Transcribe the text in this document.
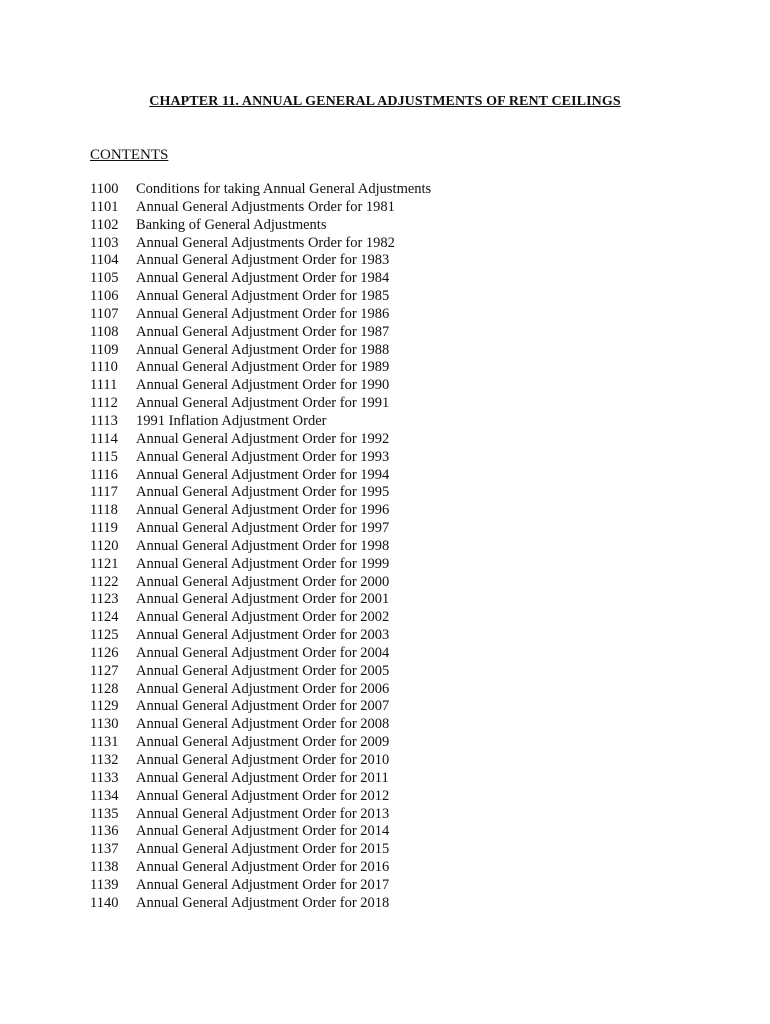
CHAPTER 11. ANNUAL GENERAL ADJUSTMENTS OF RENT CEILINGS
CONTENTS
1100	Conditions for taking Annual General Adjustments
1101	Annual General Adjustments Order for 1981
1102	Banking of General Adjustments
1103	Annual General Adjustments Order for 1982
1104	Annual General Adjustment Order for 1983
1105	Annual General Adjustment Order for 1984
1106	Annual General Adjustment Order for 1985
1107	Annual General Adjustment Order for 1986
1108	Annual General Adjustment Order for 1987
1109	Annual General Adjustment Order for 1988
1110	Annual General Adjustment Order for 1989
1111	Annual General Adjustment Order for 1990
1112	Annual General Adjustment Order for 1991
1113	1991 Inflation Adjustment Order
1114	Annual General Adjustment Order for 1992
1115	Annual General Adjustment Order for 1993
1116	Annual General Adjustment Order for 1994
1117	Annual General Adjustment Order for 1995
1118	Annual General Adjustment Order for 1996
1119	Annual General Adjustment Order for 1997
1120	Annual General Adjustment Order for 1998
1121	Annual General Adjustment Order for 1999
1122	Annual General Adjustment Order for 2000
1123	Annual General Adjustment Order for 2001
1124	Annual General Adjustment Order for 2002
1125	Annual General Adjustment Order for 2003
1126	Annual General Adjustment Order for 2004
1127	Annual General Adjustment Order for 2005
1128	Annual General Adjustment Order for 2006
1129	Annual General Adjustment Order for 2007
1130	Annual General Adjustment Order for 2008
1131	Annual General Adjustment Order for 2009
1132	Annual General Adjustment Order for 2010
1133	Annual General Adjustment Order for 2011
1134	Annual General Adjustment Order for 2012
1135	Annual General Adjustment Order for 2013
1136	Annual General Adjustment Order for 2014
1137	Annual General Adjustment Order for 2015
1138	Annual General Adjustment Order for 2016
1139	Annual General Adjustment Order for 2017
1140	Annual General Adjustment Order for 2018
